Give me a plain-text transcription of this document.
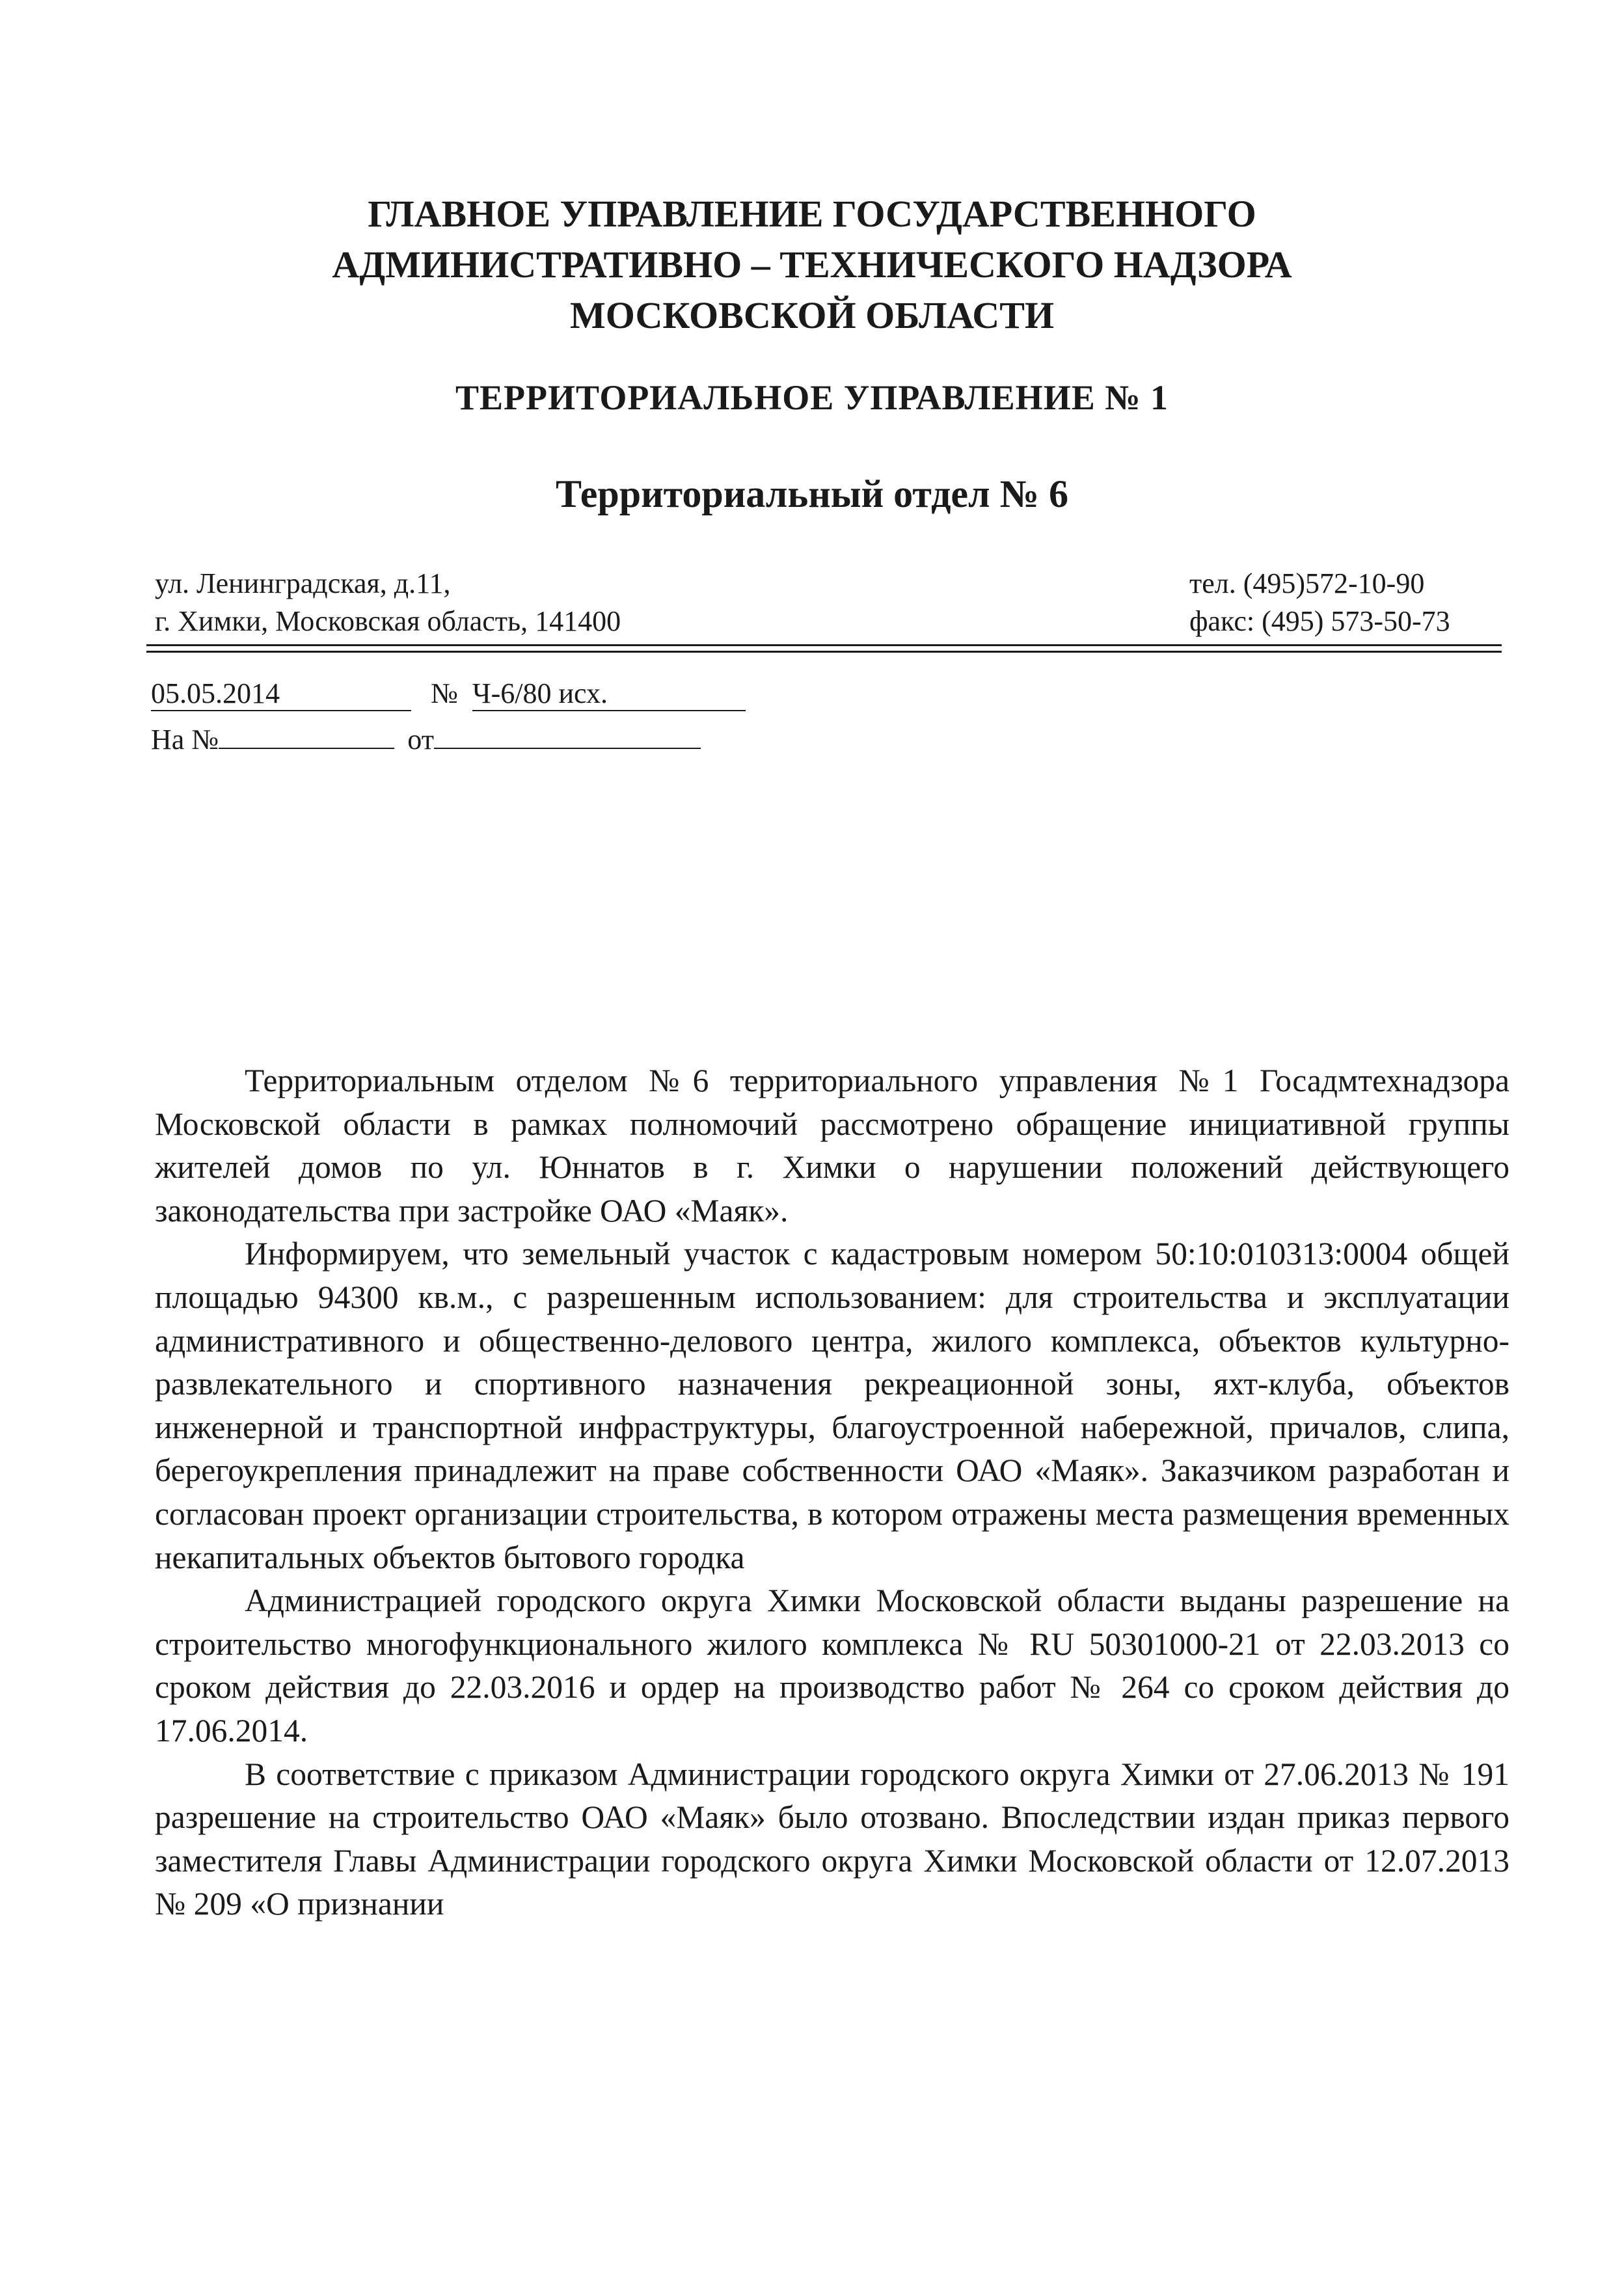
ГЛАВНОЕ УПРАВЛЕНИЕ ГОСУДАРСТВЕННОГО
АДМИНИСТРАТИВНО – ТЕХНИЧЕСКОГО НАДЗОРА
МОСКОВСКОЙ ОБЛАСТИ
ТЕРРИТОРИАЛЬНОЕ УПРАВЛЕНИЕ № 1
Территориальный отдел № 6
ул. Ленинградская, д.11,
г. Химки, Московская область, 141400
тел. (495)572-10-90
факс: (495) 573-50-73
05.05.2014	№ Ч-6/80 исх.
На №	от

Территориальным отделом №6 территориального управления №1 Госадмтехнадзора Московской области в рамках полномочий рассмотрено обращение инициативной группы жителей домов по ул. Юннатов в г. Химки о нарушении положений действующего законодательства при застройке ОАО «Маяк».

Информируем, что земельный участок с кадастровым номером 50:10:010313:0004 общей площадью 94300 кв.м., с разрешенным использованием: для строительства и эксплуатации административного и общественно-делового центра, жилого комплекса, объектов культурно-развлекательного и спортивного назначения рекреационной зоны, яхт-клуба, объектов инженерной и транспортной инфраструктуры, благоустроенной набережной, причалов, слипа, берегоукрепления принадлежит на праве собственности ОАО «Маяк». Заказчиком разработан и согласован проект организации строительства, в котором отражены места размещения временных некапитальных объектов бытового городка

Администрацией городского округа Химки Московской области выданы разрешение на строительство многофункционального жилого комплекса № RU 50301000-21 от 22.03.2013 со сроком действия до 22.03.2016 и ордер на производство работ № 264 со сроком действия до 17.06.2014.

В соответствие с приказом Администрации городского округа Химки от 27.06.2013 № 191 разрешение на строительство ОАО «Маяк» было отозвано. Впоследствии издан приказ первого заместителя Главы Администрации городского округа Химки Московской области от 12.07.2013 № 209 «О признании
